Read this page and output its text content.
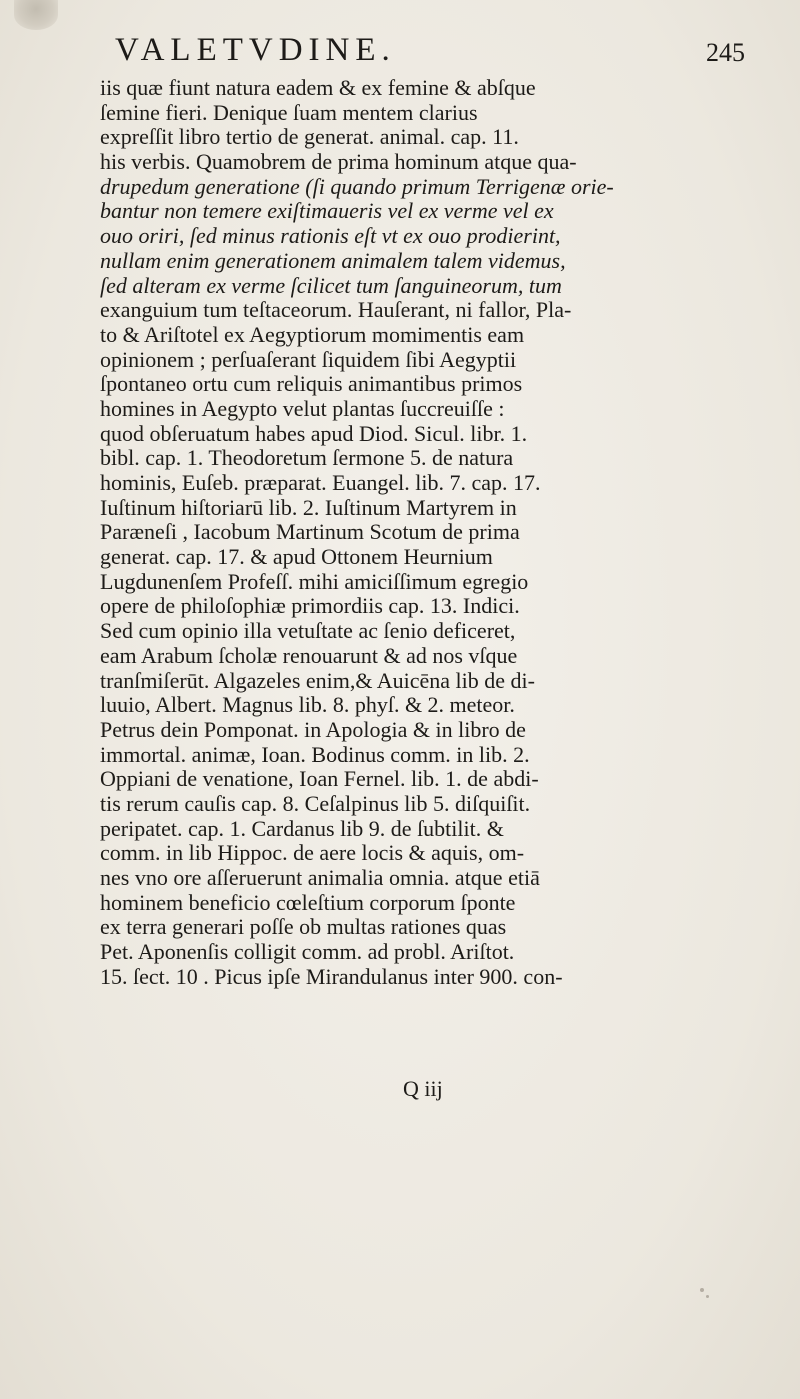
VALETVDINE.	245
iis quæ fiunt natura eadem & ex femine & abſque
ſemine fieri. Denique ſuam mentem clarius
expreſſit libro tertio de generat. animal. cap. 11.
his verbis. Quamobrem de prima hominum atque qua-
drupedum generatione (ſi quando primum Terrigenæ orie-
bantur non temere exiſtimaueris vel ex verme vel ex
ouo oriri, ſed minus rationis eſt vt ex ouo prodierint,
nullam enim generationem animalem talem videmus,
ſed alteram ex verme ſcilicet tum ſanguineorum, tum
exanguium tum teſtaceorum. Hauſerant, ni fallor, Pla-
to & Ariſtotel ex Aegyptiorum momimentis eam
opinionem ; perſuaſerant ſiquidem ſibi Aegyptii
ſpontaneo ortu cum reliquis animantibus primos
homines in Aegypto velut plantas ſuccreuiſſe :
quod obſeruatum habes apud Diod. Sicul. libr. 1.
bibl. cap. 1. Theodoretum ſermone 5. de natura
hominis, Euſeb. præparat. Euangel. lib. 7. cap. 17.
Iuſtinum hiſtoriarū lib. 2. Iuſtinum Martyrem in
Paræneſi , Iacobum Martinum Scotum de prima
generat. cap. 17. & apud Ottonem Heurnium
Lugdunenſem Profeſſ. mihi amiciſſimum egregio
opere de philoſophiæ primordiis cap. 13. Indici.
Sed cum opinio illa vetuſtate ac ſenio deficeret,
eam Arabum ſcholæ renouarunt & ad nos vſque
tranſmiſerūt. Algazeles enim,& Auicēna lib de di-
luuio, Albert. Magnus lib. 8. phyſ. & 2. meteor.
Petrus dein Pomponat. in Apologia & in libro de
immortal. animæ, Ioan. Bodinus comm. in lib. 2.
Oppiani de venatione, Ioan Fernel. lib. 1. de abdi-
tis rerum cauſis cap. 8. Ceſalpinus lib 5. diſquiſit.
peripatet. cap. 1. Cardanus lib 9. de ſubtilit. &
comm. in lib Hippoc. de aere locis & aquis, om-
nes vno ore aſſeruerunt animalia omnia. atque etiā
hominem beneficio cœleſtium corporum ſponte
ex terra generari poſſe ob multas rationes quas
Pet. Aponenſis colligit comm. ad probl. Ariſtot.
15. ſect. 10 . Picus ipſe Mirandulanus inter 900. con-
Q iij
